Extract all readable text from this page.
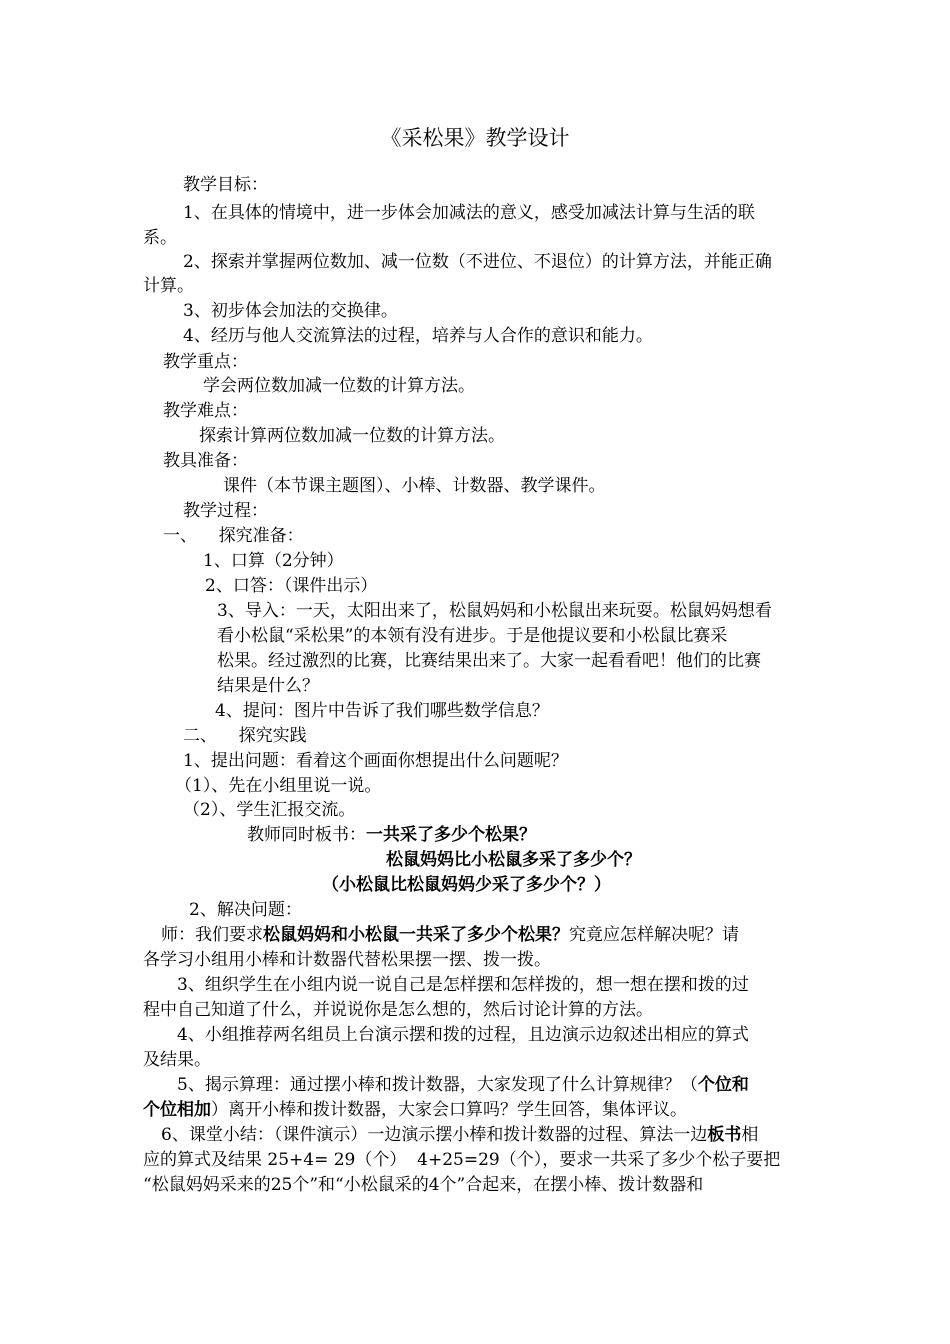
《采松果》教学设计
教学目标：
1、在具体的情境中，进一步体会加减法的意义，感受加减法计算与生活的联
系。
2、探索并掌握两位数加、减一位数（不进位、不退位）的计算方法，并能正确
计算。
3、初步体会加法的交换律。
4、经历与他人交流算法的过程，培养与人合作的意识和能力。
教学重点：
学会两位数加减一位数的计算方法。
教学难点：
探索计算两位数加减一位数的计算方法。
教具准备：
课件（本节课主题图）、小棒、计数器、教学课件。
教学过程：
一、    探究准备：
1、口算（2分钟）
2、口答：（课件出示）
3、导入：一天，太阳出来了，松鼠妈妈和小松鼠出来玩耍。松鼠妈妈想看
看小松鼠“采松果”的本领有没有进步。于是他提议要和小松鼠比赛采
松果。经过激烈的比赛，比赛结果出来了。大家一起看看吧！他们的比赛
结果是什么？
4、提问：图片中告诉了我们哪些数学信息？
二、    探究实践
1、提出问题：看着这个画面你想提出什么问题呢？
（1）、先在小组里说一说。
（2）、学生汇报交流。
教师同时板书：一共采了多少个松果？
松鼠妈妈比小松鼠多采了多少个？
（小松鼠比松鼠妈妈少采了多少个？）
2、解决问题：
师：我们要求松鼠妈妈和小松鼠一共采了多少个松果？究竟应怎样解决呢？请
各学习小组用小棒和计数器代替松果摆一摆、拨一拨。
3、组织学生在小组内说一说自己是怎样摆和怎样拨的，想一想在摆和拨的过
程中自己知道了什么，并说说你是怎么想的，然后讨论计算的方法。
4、小组推荐两名组员上台演示摆和拨的过程，且边演示边叙述出相应的算式
及结果。
5、揭示算理：通过摆小棒和拨计数器，大家发现了什么计算规律？（个位和
个位相加）离开小棒和拨计数器，大家会口算吗？学生回答，集体评议。
6、课堂小结：（课件演示）一边演示摆小棒和拨计数器的过程、算法一边板书相
应的算式及结果 25+4= 29（个）  4+25=29（个），要求一共采了多少个松子要把
“松鼠妈妈采来的25个”和“小松鼠采的4个”合起来，在摆小棒、拨计数器和
